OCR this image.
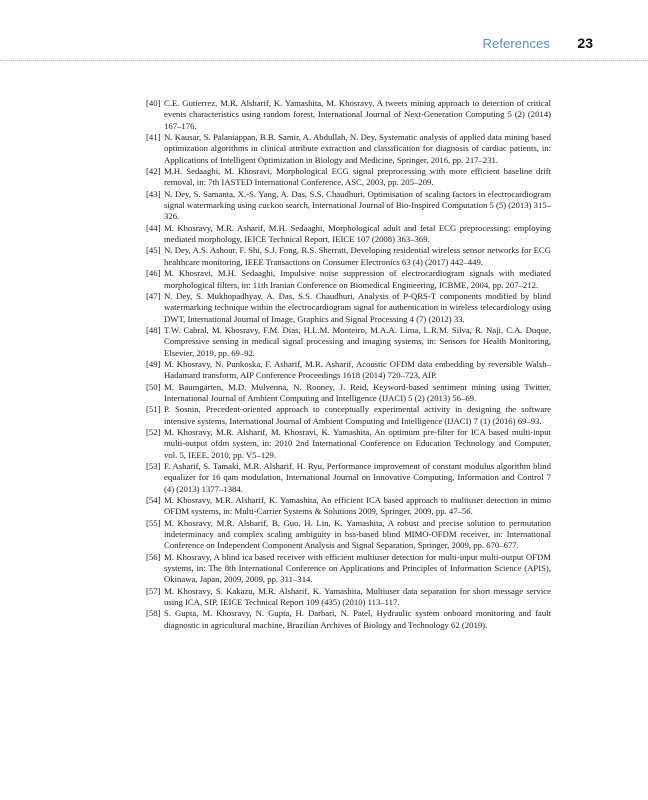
References 23
[40] C.E. Gutierrez, M.R. Alsharif, K. Yamashita, M. Khosravy, A tweets mining approach to detection of critical events characteristics using random forest, International Journal of Next-Generation Computing 5 (2) (2014) 167–176.
[41] N. Kausar, S. Palaniappan, B.B. Samir, A. Abdullah, N. Dey, Systematic analysis of applied data mining based optimization algorithms in clinical attribute extraction and classification for diagnosis of cardiac patients, in: Applications of Intelligent Optimization in Biology and Medicine, Springer, 2016, pp. 217–231.
[42] M.H. Sedaaghi, M. Khosravi, Morphological ECG signal preprocessing with more efficient baseline drift removal, in: 7th IASTED International Conference, ASC, 2003, pp. 205–209.
[43] N. Dey, S. Samanta, X.-S. Yang, A. Das, S.S. Chaudhuri, Optimisation of scaling factors in electrocardiogram signal watermarking using cuckoo search, International Journal of Bio-Inspired Computation 5 (5) (2013) 315–326.
[44] M. Khosravy, M.R. Asharif, M.H. Sedaaghi, Morphological adult and fetal ECG preprocessing: employing mediated morphology, IEICE Technical Report, IEICE 107 (2008) 363–369.
[45] N. Dey, A.S. Ashour, F. Shi, S.J. Fong, R.S. Sherratt, Developing residential wireless sensor networks for ECG healthcare monitoring, IEEE Transactions on Consumer Electronics 63 (4) (2017) 442–449.
[46] M. Khosravi, M.H. Sedaaghi, Impulsive noise suppression of electrocardiogram signals with mediated morphological filters, in: 11th Iranian Conference on Biomedical Engineering, ICBME, 2004, pp. 207–212.
[47] N. Dey, S. Mukhopadhyay, A. Das, S.S. Chaudhuri, Analysis of P-QRS-T components modified by blind watermarking technique within the electrocardiogram signal for authentication in wireless telecardiology using DWT, International Journal of Image, Graphics and Signal Processing 4 (7) (2012) 33.
[48] T.W. Cabral, M. Khosravy, F.M. Dias, H.L.M. Monteiro, M.A.A. Lima, L.R.M. Silva, R. Naji, C.A. Duque, Compressive sensing in medical signal processing and imaging systems, in: Sensors for Health Monitoring, Elsevier, 2019, pp. 69–92.
[49] M. Khosravy, N. Punkoska, F. Asharif, M.R. Asharif, Acoustic OFDM data embedding by reversible Walsh–Hadamard transform, AIP Conference Proceedings 1618 (2014) 720–723, AIP.
[50] M. Baumgarten, M.D. Mulvenna, N. Rooney, J. Reid, Keyword-based sentiment mining using Twitter, International Journal of Ambient Computing and Intelligence (IJACI) 5 (2) (2013) 56–69.
[51] P. Sosnin, Precedent-oriented approach to conceptually experimental activity in designing the software intensive systems, International Journal of Ambient Computing and Intelligence (IJACI) 7 (1) (2016) 69–93.
[52] M. Khosravy, M.R. Alsharif, M. Khosravi, K. Yamashita, An optimum pre-filter for ICA based multi-input multi-output ofdm system, in: 2010 2nd International Conference on Education Technology and Computer, vol. 5, IEEE, 2010, pp. V5–129.
[53] F. Asharif, S. Tamaki, M.R. Alsharif, H. Ryu, Performance improvement of constant modulus algorithm blind equalizer for 16 qam modulation, International Journal on Innovative Computing, Information and Control 7 (4) (2013) 1377–1384.
[54] M. Khosravy, M.R. Alsharif, K. Yamashita, An efficient ICA based approach to multiuser detection in mimo OFDM systems, in: Multi-Carrier Systems & Solutions 2009, Springer, 2009, pp. 47–56.
[55] M. Khosravy, M.R. Alsharif, B. Guo, H. Lin, K. Yamashita, A robust and precise solution to permutation indeterminacy and complex scaling ambiguity in bss-based blind MIMO-OFDM receiver, in: International Conference on Independent Component Analysis and Signal Separation, Springer, 2009, pp. 670–677.
[56] M. Khosravy, A blind ica based receiver with efficient multiuser detection for multi-input multi-output OFDM systems, in: The 8th International Conference on Applications and Principles of Information Science (APIS), Okinawa, Japan, 2009, 2009, pp. 311–314.
[57] M. Khosravy, S. Kakazu, M.R. Alsharif, K. Yamashita, Multiuser data separation for short message service using ICA, SIP, IEICE Technical Report 109 (435) (2010) 113–117.
[58] S. Gupta, M. Khosravy, N. Gupta, H. Darbari, N. Patel, Hydraulic system onboard monitoring and fault diagnostic in agricultural machine, Brazilian Archives of Biology and Technology 62 (2019).
